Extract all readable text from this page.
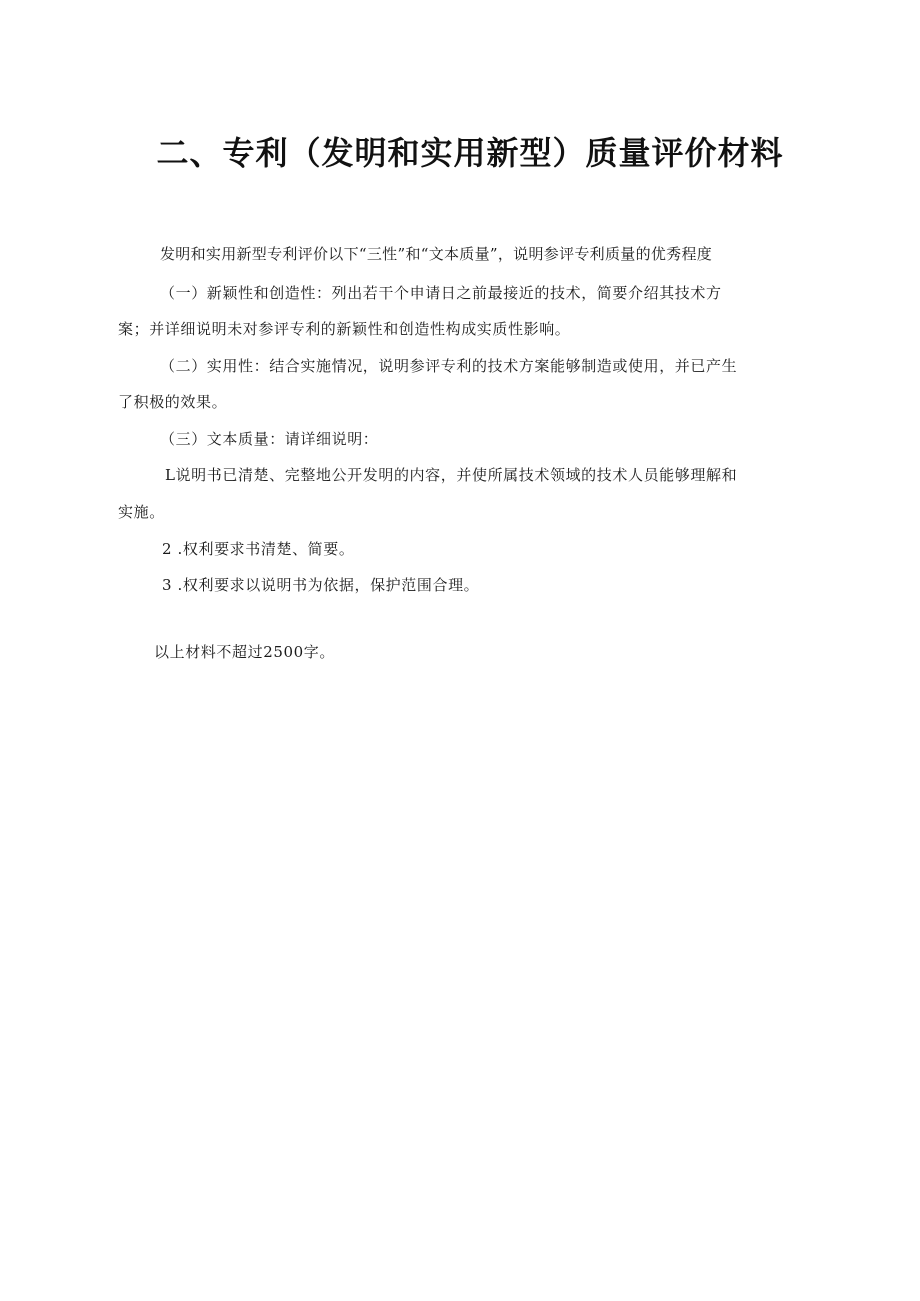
二、专利（发明和实用新型）质量评价材料
发明和实用新型专利评价以下“三性”和“文本质量”，说明参评专利质量的优秀程度
（一）新颖性和创造性：列出若干个申请日之前最接近的技术，简要介绍其技术方
案；并详细说明未对参评专利的新颖性和创造性构成实质性影响。
（二）实用性：结合实施情况，说明参评专利的技术方案能够制造或使用，并已产生
了积极的效果。
（三）文本质量：请详细说明：
L说明书已清楚、完整地公开发明的内容，并使所属技术领域的技术人员能够理解和
实施。
2 .权利要求书清楚、简要。
3 .权利要求以说明书为依据，保护范围合理。
以上材料不超过2500字。
